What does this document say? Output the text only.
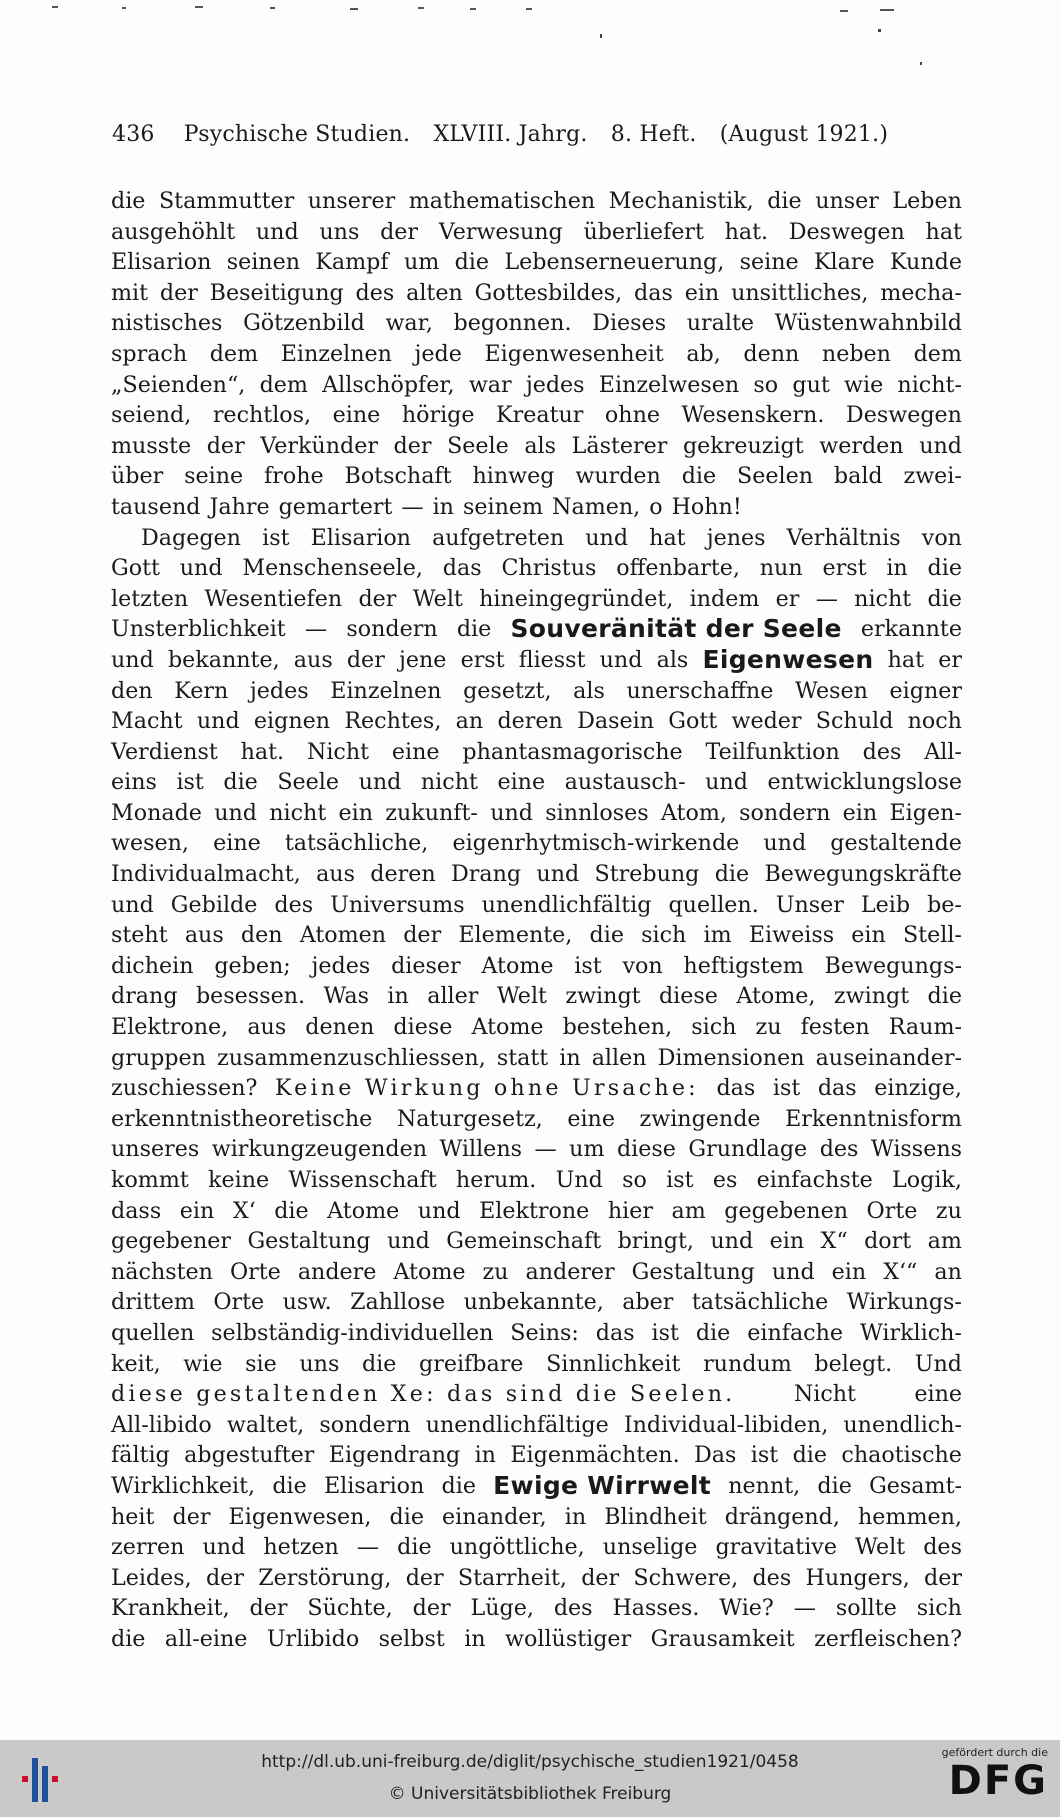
436 Psychische Studien. XLVIII. Jahrg. 8. Heft. (August 1921.)
die Stammutter unserer mathematischen Mechanistik, die unser Leben
ausgehöhlt und uns der Verwesung überliefert hat. Deswegen hat
Elisarion seinen Kampf um die Lebenserneuerung, seine Klare Kunde
mit der Beseitigung des alten Gottesbildes, das ein unsittliches, mecha-
nistisches Götzenbild war, begonnen. Dieses uralte Wüstenwahnbild
sprach dem Einzelnen jede Eigenwesenheit ab, denn neben dem
„Seienden“, dem Allschöpfer, war jedes Einzelwesen so gut wie nicht-
seiend, rechtlos, eine hörige Kreatur ohne Wesenskern. Deswegen
musste der Verkünder der Seele als Lästerer gekreuzigt werden und
über seine frohe Botschaft hinweg wurden die Seelen bald zwei-
tausend Jahre gemartert — in seinem Namen, o Hohn!
Dagegen ist Elisarion aufgetreten und hat jenes Verhältnis von
Gott und Menschenseele, das Christus offenbarte, nun erst in die
letzten Wesentiefen der Welt hineingegründet, indem er — nicht die
Unsterblichkeit — sondern die Souveränität der Seele erkannte
und bekannte, aus der jene erst fliesst und als Eigenwesen hat er
den Kern jedes Einzelnen gesetzt, als unerschaffne Wesen eigner
Macht und eignen Rechtes, an deren Dasein Gott weder Schuld noch
Verdienst hat. Nicht eine phantasmagorische Teilfunktion des All-
eins ist die Seele und nicht eine austausch- und entwicklungslose
Monade und nicht ein zukunft- und sinnloses Atom, sondern ein Eigen-
wesen, eine tatsächliche, eigenrhytmisch-wirkende und gestaltende
Individualmacht, aus deren Drang und Strebung die Bewegungskräfte
und Gebilde des Universums unendlichfältig quellen. Unser Leib be-
steht aus den Atomen der Elemente, die sich im Eiweiss ein Stell-
dichein geben; jedes dieser Atome ist von heftigstem Bewegungs-
drang besessen. Was in aller Welt zwingt diese Atome, zwingt die
Elektrone, aus denen diese Atome bestehen, sich zu festen Raum-
gruppen zusammenzuschliessen, statt in allen Dimensionen auseinander-
zuschiessen? Keine Wirkung ohne Ursache: das ist das einzige,
erkenntnistheoretische Naturgesetz, eine zwingende Erkenntnisform
unseres wirkungzeugenden Willens — um diese Grundlage des Wissens
kommt keine Wissenschaft herum. Und so ist es einfachste Logik,
dass ein X‘ die Atome und Elektrone hier am gegebenen Orte zu
gegebener Gestaltung und Gemeinschaft bringt, und ein X“ dort am
nächsten Orte andere Atome zu anderer Gestaltung und ein X‘“ an
drittem Orte usw. Zahllose unbekannte, aber tatsächliche Wirkungs-
quellen selbständig-individuellen Seins: das ist die einfache Wirklich-
keit, wie sie uns die greifbare Sinnlichkeit rundum belegt. Und
diese gestaltenden Xe: das sind die Seelen.	Nicht	eine
All-libido waltet, sondern unendlichfältige Individual-libiden, unendlich-
fältig abgestufter Eigendrang in Eigenmächten. Das ist die chaotische
Wirklichkeit, die Elisarion die Ewige Wirrwelt nennt, die Gesamt-
heit der Eigenwesen, die einander, in Blindheit drängend, hemmen,
zerren und hetzen — die ungöttliche, unselige gravitative Welt des
Leides, der Zerstörung, der Starrheit, der Schwere, des Hungers, der
Krankheit, der Süchte, der Lüge, des Hasses. Wie? — sollte sich
die all-eine Urlibido selbst in wollüstiger Grausamkeit zerfleischen?
http://dl.ub.uni-freiburg.de/diglit/psychische_studien1921/0458
© Universitätsbibliothek Freiburg
gefördert durch die
DFG
